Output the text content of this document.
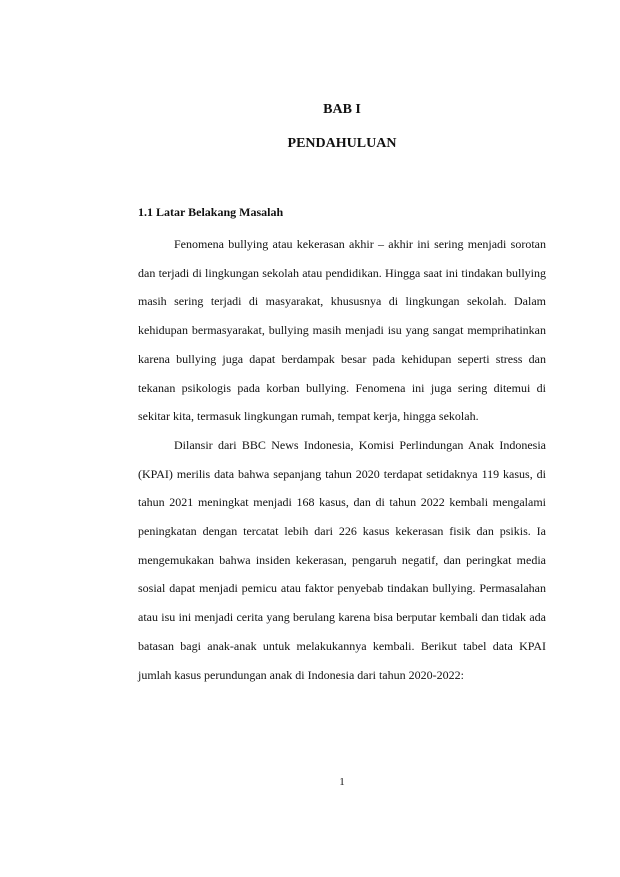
BAB I
PENDAHULUAN
1.1 Latar Belakang Masalah

Fenomena bullying atau kekerasan akhir – akhir ini sering menjadi sorotan dan terjadi di lingkungan sekolah atau pendidikan. Hingga saat ini tindakan bullying masih sering terjadi di masyarakat, khususnya di lingkungan sekolah. Dalam kehidupan bermasyarakat, bullying masih menjadi isu yang sangat memprihatinkan karena bullying juga dapat berdampak besar pada kehidupan seperti stress dan tekanan psikologis pada korban bullying. Fenomena ini juga sering ditemui di sekitar kita, termasuk lingkungan rumah, tempat kerja, hingga sekolah.

Dilansir dari BBC News Indonesia, Komisi Perlindungan Anak Indonesia (KPAI) merilis data bahwa sepanjang tahun 2020 terdapat setidaknya 119 kasus, di tahun 2021 meningkat menjadi 168 kasus, dan di tahun 2022 kembali mengalami peningkatan dengan tercatat lebih dari 226 kasus kekerasan fisik dan psikis. Ia mengemukakan bahwa insiden kekerasan, pengaruh negatif, dan peringkat media sosial dapat menjadi pemicu atau faktor penyebab tindakan bullying. Permasalahan atau isu ini menjadi cerita yang berulang karena bisa berputar kembali dan tidak ada batasan bagi anak-anak untuk melakukannya kembali. Berikut tabel data KPAI jumlah kasus perundungan anak di Indonesia dari tahun 2020-2022:

1
